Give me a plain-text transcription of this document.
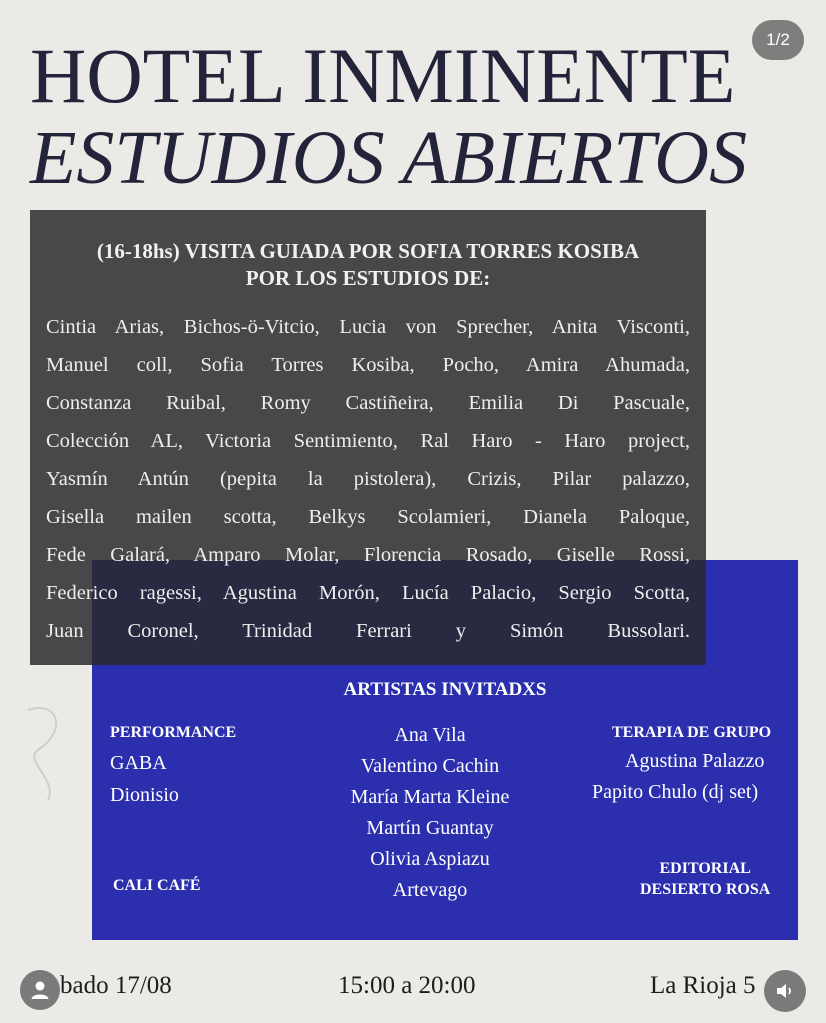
HOTEL INMINENTE
ESTUDIOS ABIERTOS
(16-18hs) VISITA GUIADA POR SOFIA TORRES KOSIBA
POR LOS ESTUDIOS DE:
Cintia Arias, Bichos-ö-Vitcio, Lucia von Sprecher, Anita Visconti,
Manuel coll, Sofia Torres Kosiba, Pocho, Amira Ahumada,
Constanza Ruibal, Romy Castiñeira, Emilia Di Pascuale,
Colección AL, Victoria Sentimiento, Ral Haro - Haro project,
Yasmín Antún (pepita la pistolera), Crizis, Pilar palazzo,
Gisella mailen scotta, Belkys Scolamieri, Dianela Paloque,
Fede Galará, Amparo Molar, Florencia Rosado, Giselle Rossi,
Federico ragessi, Agustina Morón, Lucía Palacio, Sergio Scotta,
Juan Coronel, Trinidad Ferrari y Simón Bussolari.
ARTISTAS INVITADXS
PERFORMANCE
GABA
Dionisio
CALI CAFÉ
Ana Vila
Valentino Cachin
María Marta Kleine
Martín Guantay
Olivia Aspiazu
Artevago
TERAPIA DE GRUPO
Agustina Palazzo
Papito Chulo (dj set)
EDITORIAL
DESIERTO ROSA
bado 17/08	15:00 a 20:00	La Rioja 5
1/2
